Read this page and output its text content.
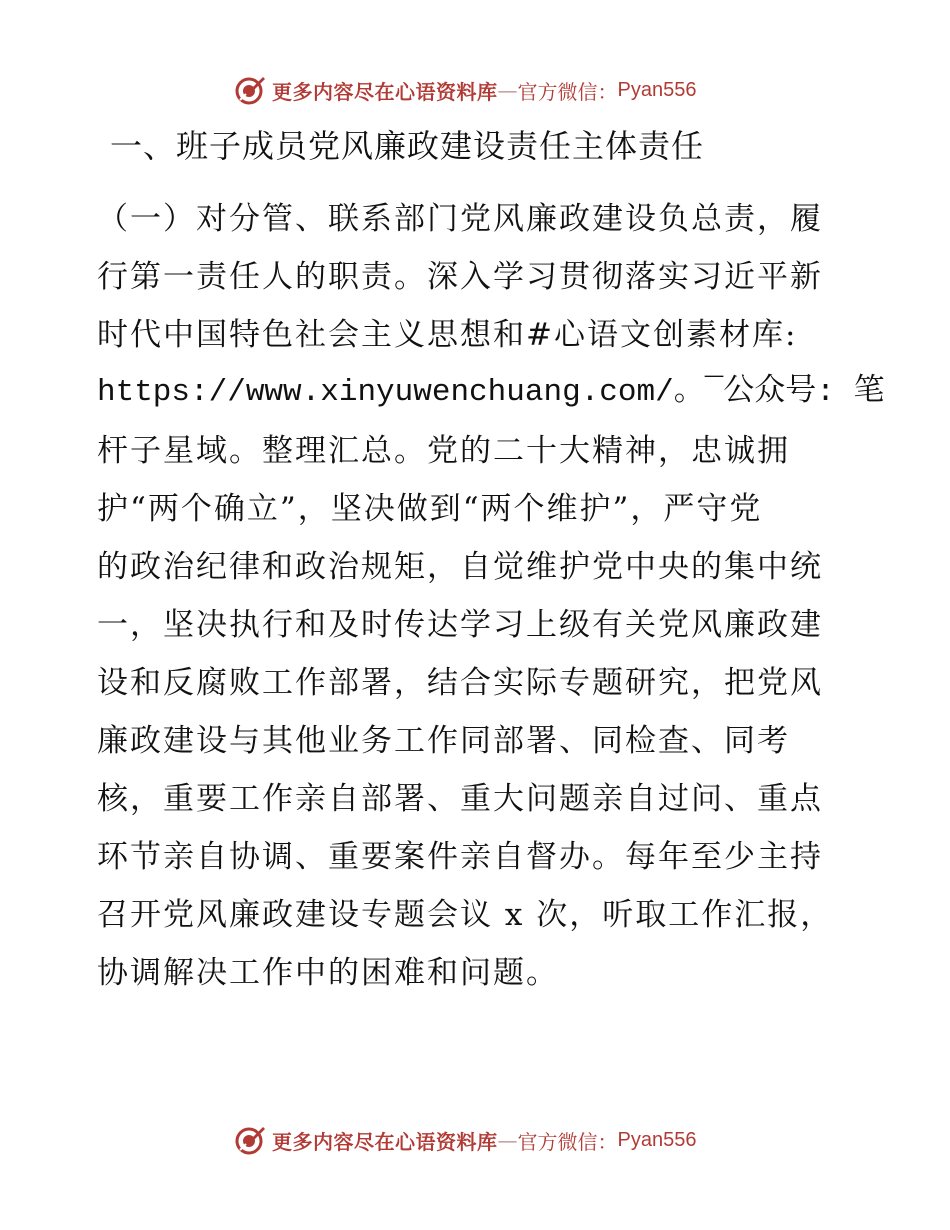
更多内容尽在心语资料库 — 官方微信： Pyan556
一、班子成员党风廉政建设责任主体责任
（一）对分管、联系部门党风廉政建设负总责，履
行第一责任人的职责。深入学习贯彻落实习近平新
时代中国特色社会主义思想和#心语文创素材库:
https://www.xinyuwenchuang.com/。¯公众号: 笔
杆子星域。整理汇总。党的二十大精神，忠诚拥
护“两个确立”，坚决做到“两个维护”，严守党
的政治纪律和政治规矩，自觉维护党中央的集中统
一，坚决执行和及时传达学习上级有关党风廉政建
设和反腐败工作部署，结合实际专题研究，把党风
廉政建设与其他业务工作同部署、同检查、同考
核，重要工作亲自部署、重大问题亲自过问、重点
环节亲自协调、重要案件亲自督办。每年至少主持
召开党风廉政建设专题会议 x 次，听取工作汇报，
协调解决工作中的困难和问题。
更多内容尽在心语资料库 — 官方微信： Pyan556
